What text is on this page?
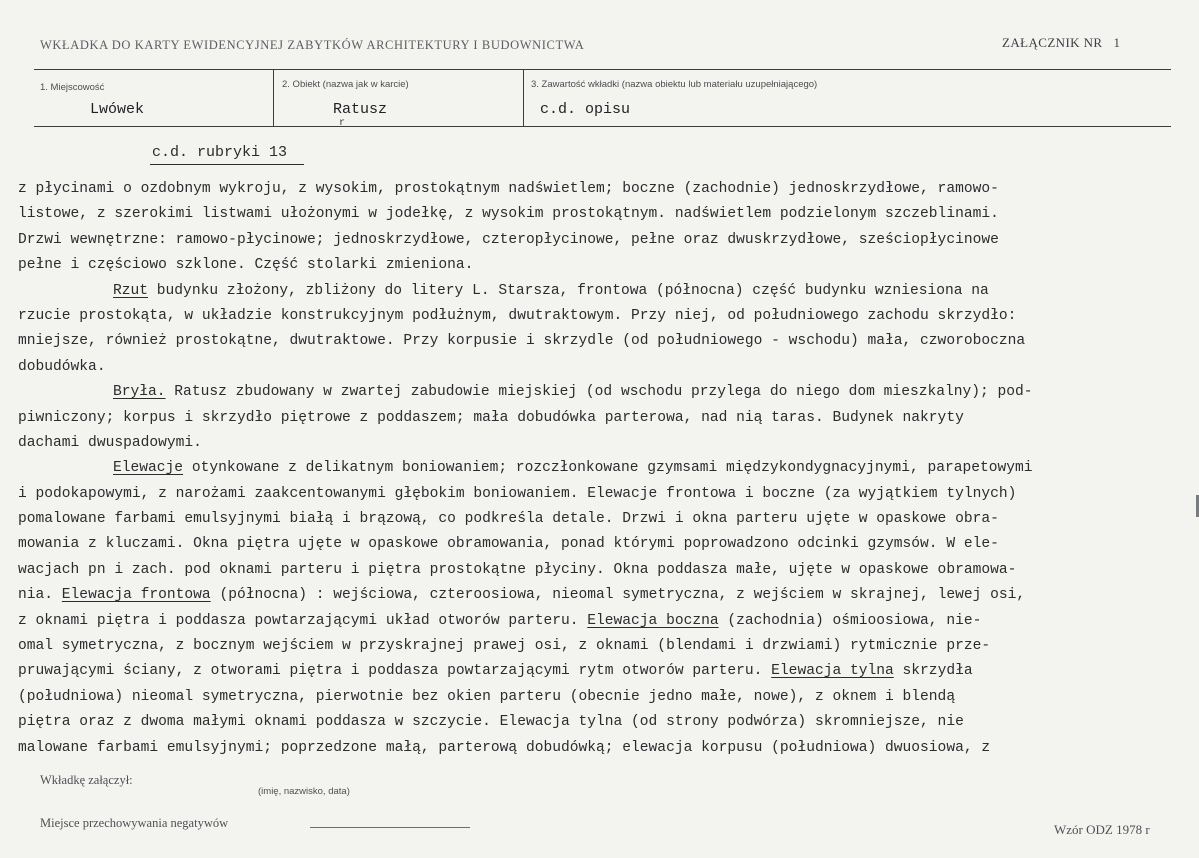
WKŁADKA DO KARTY EWIDENCYJNEJ ZABYTKÓW ARCHITEKTURY I BUDOWNICTWA	ZAŁĄCZNIK NR 1
1. Miejscowość
Lwówek
2. Obiekt (nazwa jak w karcie)
Ratusz
r
3. Zawartość wkładki (nazwa obiektu lub materiału uzupełniającego)
c.d. opisu
c.d. rubryki 13
z płycinami o ozdobnym wykroju, z wysokim, prostokątnym nadświetlem; boczne (zachodnie) jednoskrzydłowe, ramowo-
listowe, z szerokimi listwami ułożonymi w jodełkę, z wysokim prostokątnym. nadświetlem podzielonym szczeblinami.
Drzwi wewnętrzne: ramowo-płycinowe; jednoskrzydłowe, czteropłycinowe, pełne oraz dwuskrzydłowe, sześciopłycinowe
pełne i częściowo szklone. Część stolarki zmieniona.
Rzut budynku złożony, zbliżony do litery L. Starsza, frontowa (północna) część budynku wzniesiona na
rzucie prostokąta, w układzie konstrukcyjnym podłużnym, dwutraktowym. Przy niej, od południowego zachodu skrzydło:
mniejsze, również prostokątne, dwutraktowe. Przy korpusie i skrzydle (od południowego - wschodu) mała, czworoboczna
dobudówka.
Bryła. Ratusz zbudowany w zwartej zabudowie miejskiej (od wschodu przylega do niego dom mieszkalny); pod-
piwniczony; korpus i skrzydło piętrowe z poddaszem; mała dobudówka parterowa, nad nią taras. Budynek nakryty
dachami dwuspadowymi.
Elewacje otynkowane z delikatnym boniowaniem; rozczłonkowane gzymsami międzykondygnacyjnymi, parapetowymi
i podokapowymi, z narożami zaakcentowanymi głębokim boniowaniem. Elewacje frontowa i boczne (za wyjątkiem tylnych)
pomalowane farbami emulsyjnymi białą i brązową, co podkreśla detale. Drzwi i okna parteru ujęte w opaskowe obra-
mowania z kluczami. Okna piętra ujęte w opaskowe obramowania, ponad którymi poprowadzono odcinki gzymsów. W ele-
wacjach pn i zach. pod oknami parteru i piętra prostokątne płyciny. Okna poddasza małe, ujęte w opaskowe obramowa-
nia. Elewacja frontowa (północna) : wejściowa, czteroosiowa, nieomal symetryczna, z wejściem w skrajnej, lewej osi,
z oknami piętra i poddasza powtarzającymi układ otworów parteru. Elewacja boczna (zachodnia) ośmioosiowa, nie-
omal symetryczna, z bocznym wejściem w przyskrajnej prawej osi, z oknami (blendami i drzwiami) rytmicznie prze-
pruwającymi ściany, z otworami piętra i poddasza powtarzającymi rytm otworów parteru. Elewacja tylna skrzydła
(południowa) nieomal symetryczna, pierwotnie bez okien parteru (obecnie jedno małe, nowe), z oknem i blendą
piętra oraz z dwoma małymi oknami poddasza w szczycie. Elewacja tylna (od strony podwórza) skromniejsze, nie
malowane farbami emulsyjnymi; poprzedzone małą, parterową dobudówką; elewacja korpusu (południowa) dwuosiowa, z
Wkładkę załączył:
(imię, nazwisko, data)
Miejsce przechowywania negatywów	Wzór ODZ 1978 r
